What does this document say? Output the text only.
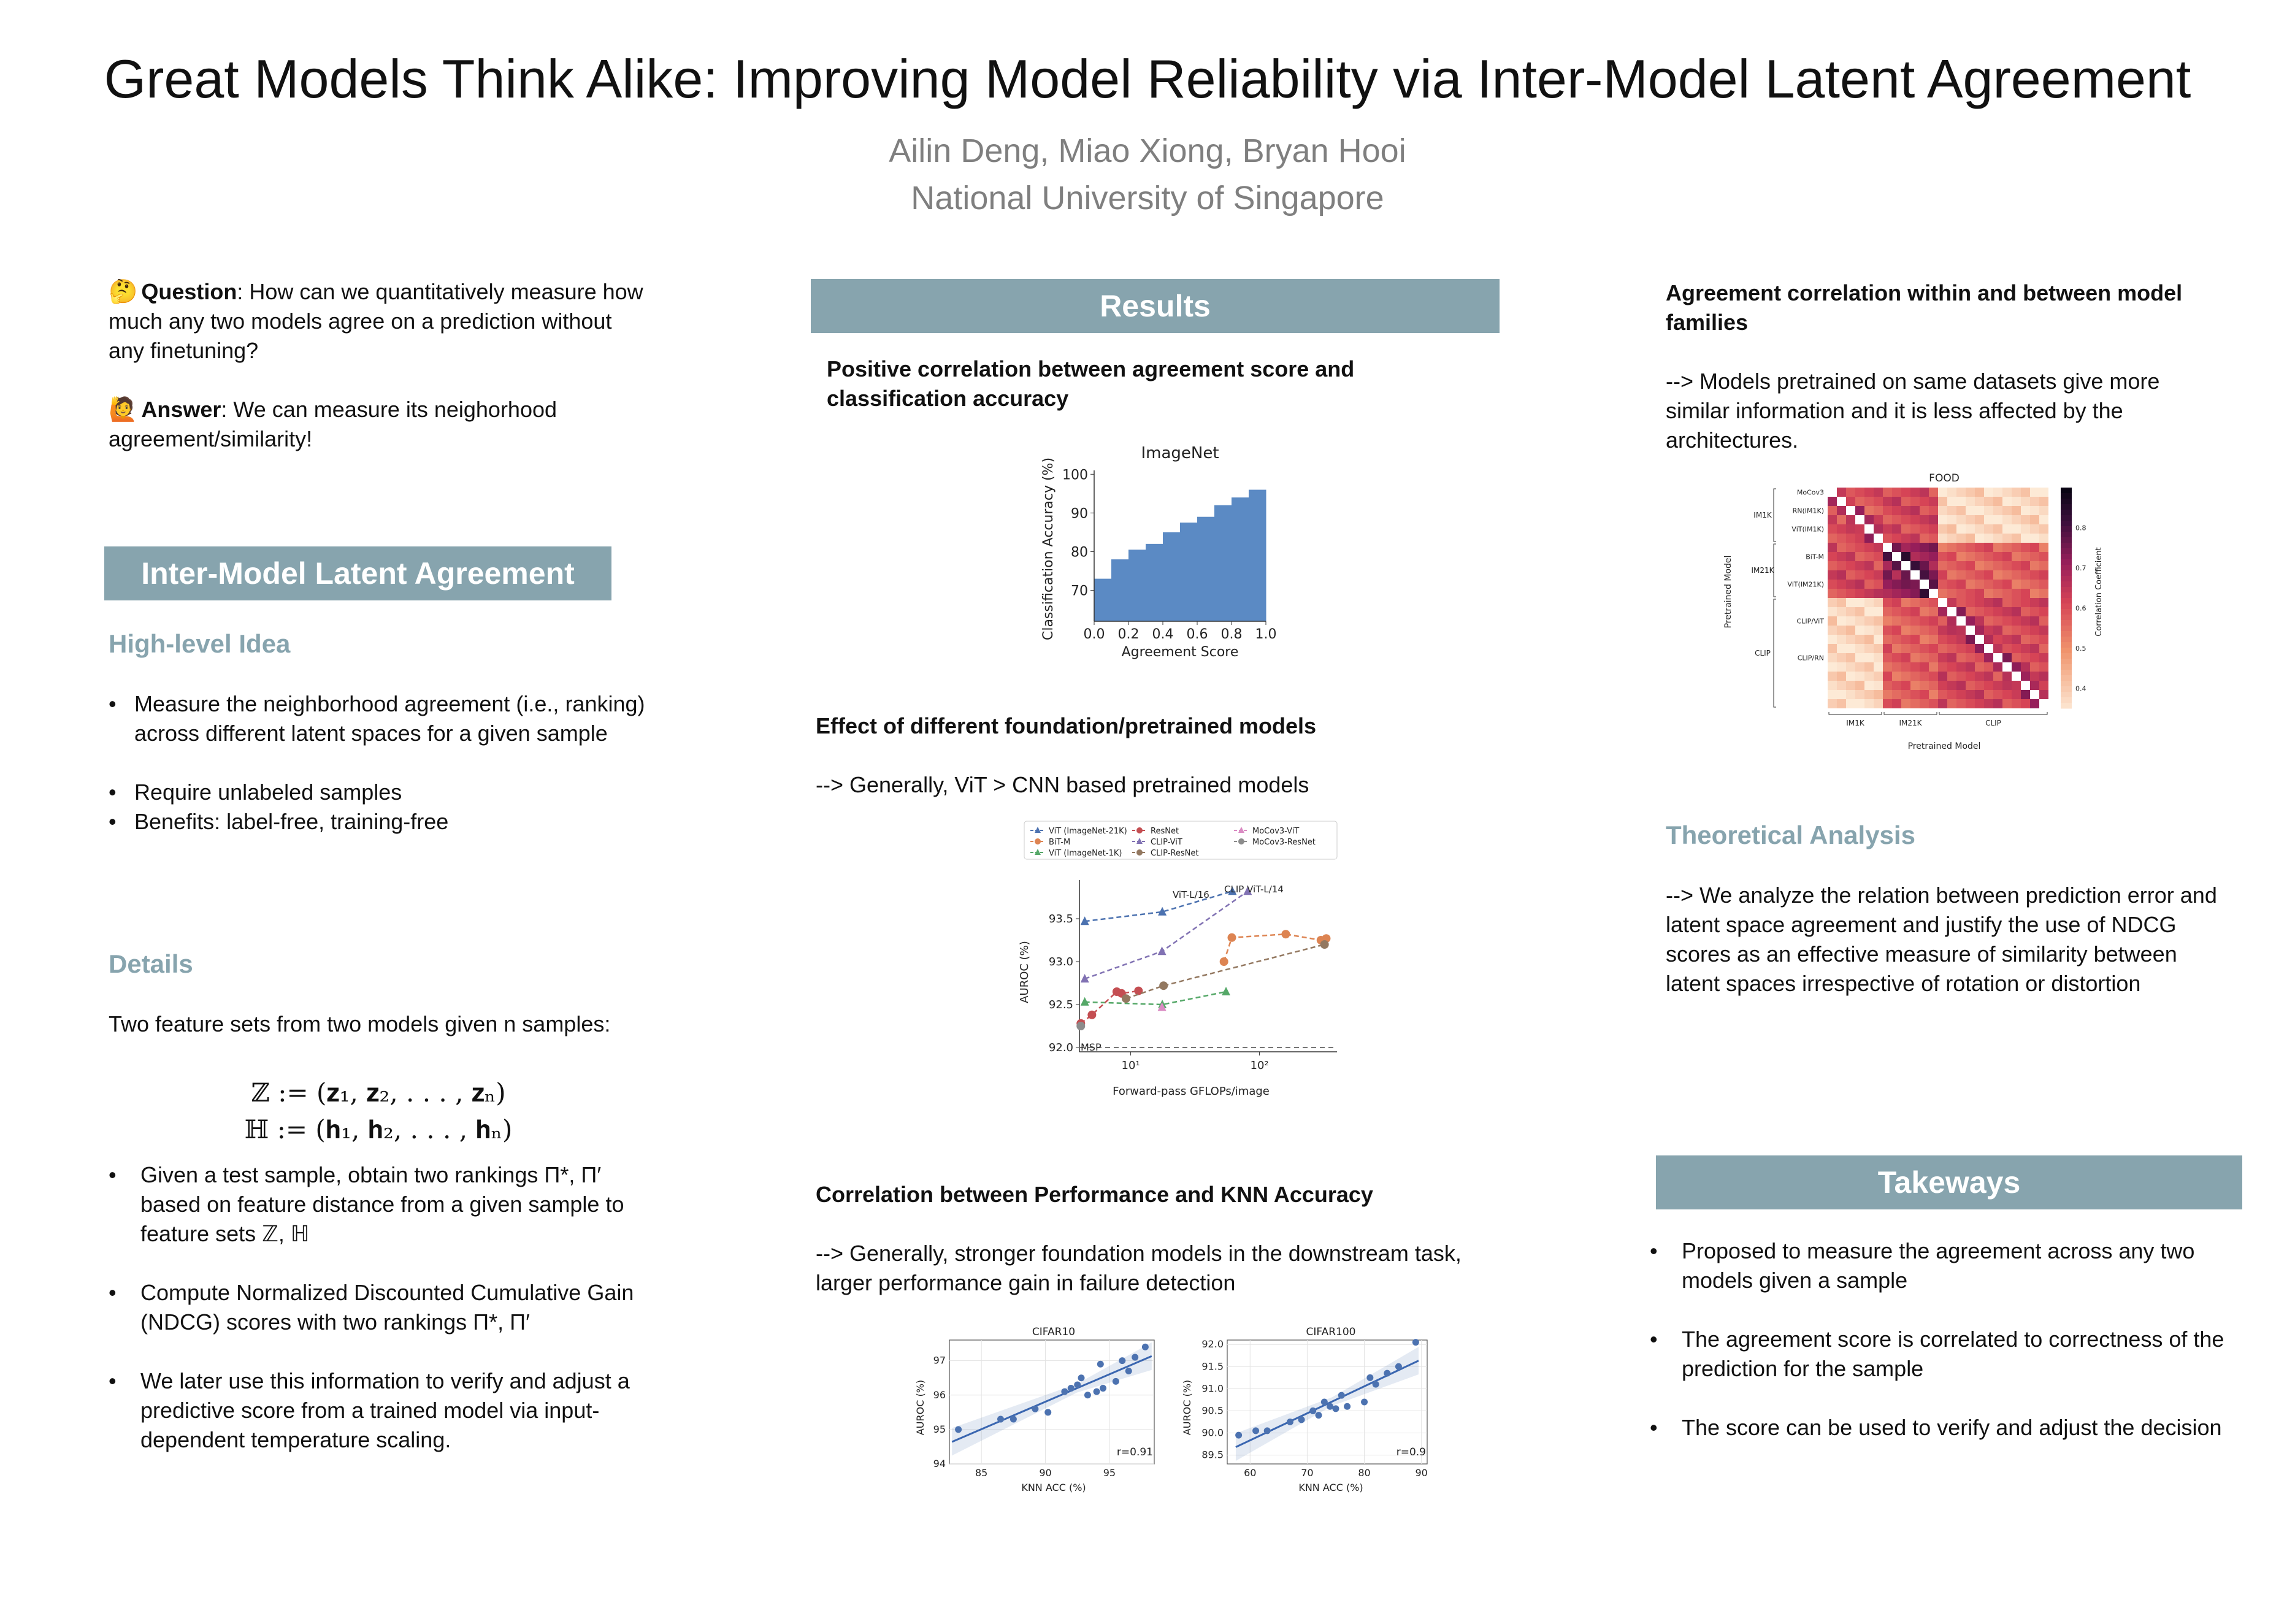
Great Models Think Alike: Improving Model Reliability via Inter-Model Latent Agreement
Ailin Deng, Miao Xiong, Bryan Hooi
National University of Singapore
🤔 Question: How can we quantitatively measure how much any two models agree on a prediction without any finetuning?
🙋 Answer: We can measure its neighorhood agreement/similarity!
Inter-Model Latent Agreement
High-level Idea
• Measure the neighborhood agreement (i.e., ranking) across different latent spaces for a given sample
• Require unlabeled samples
• Benefits: label-free, training-free
Details
Two feature sets from two models given n samples:
ℤ := (𝐳₁, 𝐳₂, . . . , 𝐳ₙ)
ℍ := (𝐡₁, 𝐡₂, . . . , 𝐡ₙ)
• Given a test sample, obtain two rankings Π*, Π′ based on feature distance from a given sample to feature sets ℤ, ℍ
• Compute Normalized Discounted Cumulative Gain (NDCG) scores with two rankings Π*, Π′
• We later use this information to verify and adjust a predictive score from a trained model via input-dependent temperature scaling.
Results
Positive correlation between agreement score and classification accuracy
ImageNet
0.0 0.2 0.4 0.6 0.8 1.0
70
80
90
100
Agreement Score
Classification Accuracy (%)
Effect of different foundation/pretrained models
--> Generally, ViT > CNN based pretrained models
ViT (ImageNet-21K)
BiT-M
ViT (ImageNet-1K)
ResNet
CLIP-ViT
CLIP-ResNet
MoCov3-ViT
MoCov3-ResNet
10¹	10²
92.0
92.5
93.0
93.5
ViT-L/16 CLIP ViT-L/14
MSP
Forward-pass GFLOPs/image
AUROC (%)
Correlation between Performance and KNN Accuracy
--> Generally, stronger foundation models in the downstream task, larger performance gain in failure detection
CIFAR10
85	90	95
94
95
96
97
r=0.91
KNN ACC (%)
AUROC (%)
CIFAR100
60	70	80	90
89.5
90.0
90.5
91.0
91.5
92.0
r=0.9
KNN ACC (%)
AUROC (%)
Agreement correlation within and between model families
--> Models pretrained on same datasets give more similar information and it is less affected by the architectures.
FOOD
MoCov3
RN(IM1K)
ViT(IM1K)
BiT-M
ViT(IM21K)
CLIP/ViT
CLIP/RN
IM1K
IM1K
IM21K
IM21K
CLIP
CLIP
0.4
0.5
0.6
0.7
0.8
Pretrained Model
Pretrained Model	Correlation Coefficient
Theoretical Analysis
--> We analyze the relation between prediction error and latent space agreement and justify the use of NDCG scores as an effective measure of similarity between latent spaces irrespective of rotation or distortion
Takeways
• Proposed to measure the agreement across any two models given a sample
• The agreement score is correlated to correctness of the prediction for the sample
• The score can be used to verify and adjust the decision
